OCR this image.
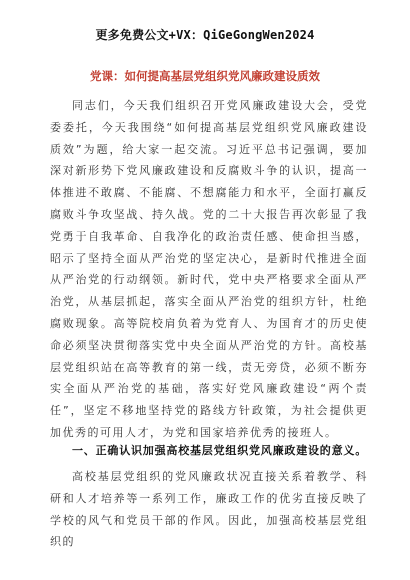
更多免费公文+VX：QiGeGongWen2024
党课：如何提高基层党组织党风廉政建设质效

同志们，今天我们组织召开党风廉政建设大会，受党委委托，今天我围绕“如何提高基层党组织党风廉政建设质效”为题，给大家一起交流。习近平总书记强调，要加深对新形势下党风廉政建设和反腐败斗争的认识，提高一体推进不敢腐、不能腐、不想腐能力和水平，全面打赢反腐败斗争攻坚战、持久战。党的二十大报告再次彰显了我党勇于自我革命、自我净化的政治责任感、使命担当感，昭示了坚持全面从严治党的坚定决心，是新时代推进全面从严治党的行动纲领。新时代，党中央严格要求全面从严治党，从基层抓起，落实全面从严治党的组织方针，杜绝腐败现象。高等院校肩负着为党育人、为国育才的历史使命必须坚决贯彻落实党中央全面从严治党的方针。高校基层党组织站在高等教育的第一线，责无旁贷，必须不断夯实全面从严治党的基础，落实好党风廉政建设“两个责任”，坚定不移地坚持党的路线方针政策，为社会提供更加优秀的可用人才，为党和国家培养优秀的接班人。

一、正确认识加强高校基层党组织党风廉政建设的意义。

高校基层党组织的党风廉政状况直接关系着教学、科研和人才培养等一系列工作，廉政工作的优劣直接反映了学校的风气和党员干部的作风。因此，加强高校基层党组织的
